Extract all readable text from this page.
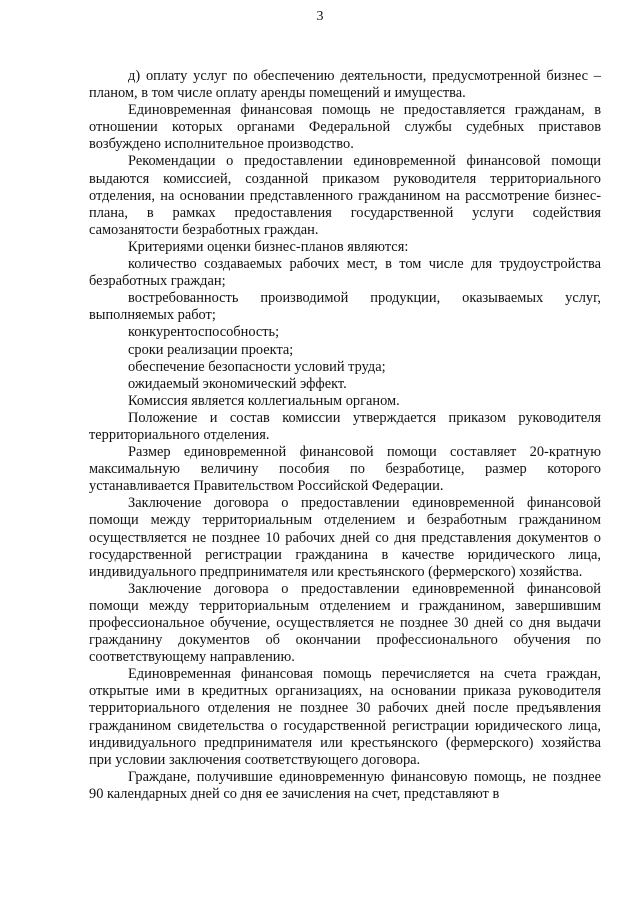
3

д) оплату услуг по обеспечению деятельности, предусмотренной бизнес – планом, в том числе оплату аренды помещений и имущества.

Единовременная финансовая помощь не предоставляется гражданам, в отношении которых органами Федеральной службы судебных приставов возбуждено исполнительное производство.

Рекомендации о предоставлении единовременной финансовой помощи выдаются комиссией, созданной приказом руководителя территориального отделения, на основании представленного гражданином на рассмотрение бизнес-плана, в рамках предоставления государственной услуги содействия самозанятости безработных граждан.

Критериями оценки бизнес-планов являются:

количество создаваемых рабочих мест, в том числе для трудоустройства безработных граждан;

востребованность производимой продукции, оказываемых услуг, выполняемых работ;

конкурентоспособность;

сроки реализации проекта;

обеспечение безопасности условий труда;

ожидаемый экономический эффект.

Комиссия является коллегиальным органом.

Положение и состав комиссии утверждается приказом руководителя территориального отделения.

Размер единовременной финансовой помощи составляет 20-кратную максимальную величину пособия по безработице, размер которого устанавливается Правительством Российской Федерации.

Заключение договора о предоставлении единовременной финансовой помощи между территориальным отделением и безработным гражданином осуществляется не позднее 10 рабочих дней со дня представления документов о государственной регистрации гражданина в качестве юридического лица, индивидуального предпринимателя или крестьянского (фермерского) хозяйства.

Заключение договора о предоставлении единовременной финансовой помощи между территориальным отделением и гражданином, завершившим профессиональное обучение, осуществляется не позднее 30 дней со дня выдачи гражданину документов об окончании профессионального обучения по соответствующему направлению.

Единовременная финансовая помощь перечисляется на счета граждан, открытые ими в кредитных организациях, на основании приказа руководителя территориального отделения не позднее 30 рабочих дней после предъявления гражданином свидетельства о государственной регистрации юридического лица, индивидуального предпринимателя или крестьянского (фермерского) хозяйства при условии заключения соответствующего договора.

Граждане, получившие единовременную финансовую помощь, не позднее 90 календарных дней со дня ее зачисления на счет, представляют в
